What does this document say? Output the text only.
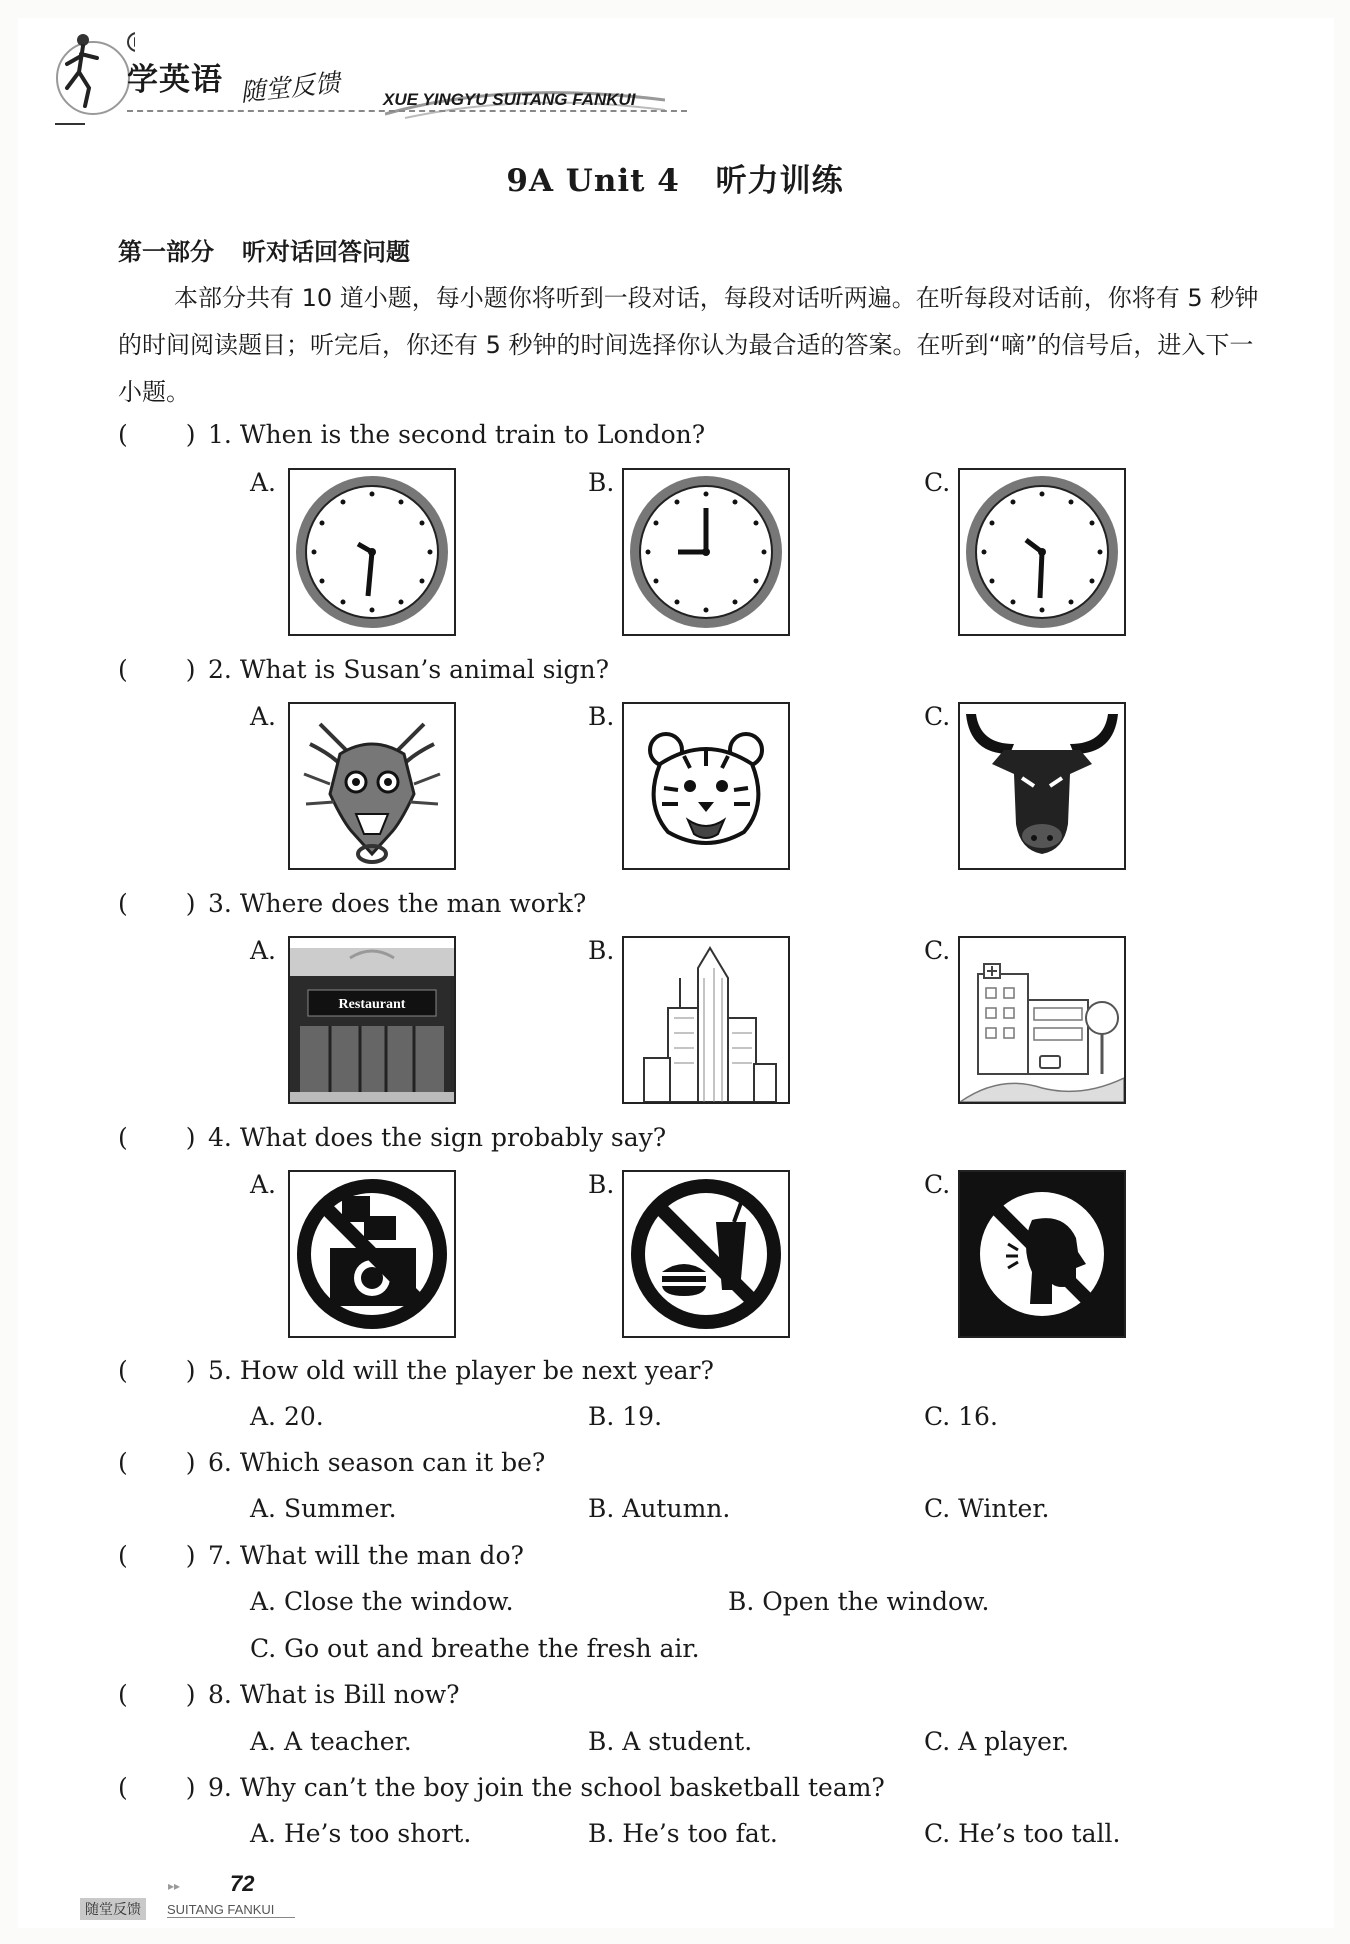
学英语 随堂反馈 XUE YINGYU SUITANG FANKUI
9A Unit 4 听力训练
第一部分 听对话回答问题
本部分共有 10 道小题，每小题你将听到一段对话，每段对话听两遍。在听每段对话前，你将有 5 秒钟的时间阅读题目；听完后，你还有 5 秒钟的时间选择你认为最合适的答案。在听到“嘀”的信号后，进入下一小题。
( ) 1. When is the second train to London?
A.	B.	C.
( ) 2. What is Susan’s animal sign?
A.	B.	C.
( ) 3. Where does the man work?
A.	B.	C.
Restaurant
( ) 4. What does the sign probably say?
A.	B.	C.
( ) 5. How old will the player be next year?
A. 20.	B. 19.	C. 16.
( ) 6. Which season can it be?
A. Summer.	B. Autumn.	C. Winter.
( ) 7. What will the man do?
A. Close the window.	B. Open the window.
C. Go out and breathe the fresh air.
( ) 8. What is Bill now?
A. A teacher.	B. A student.	C. A player.
( ) 9. Why can’t the boy join the school basketball team?
A. He’s too short.	B. He’s too fat.	C. He’s too tall.
▸▸ 72
随堂反馈	SUITANG FANKUI
